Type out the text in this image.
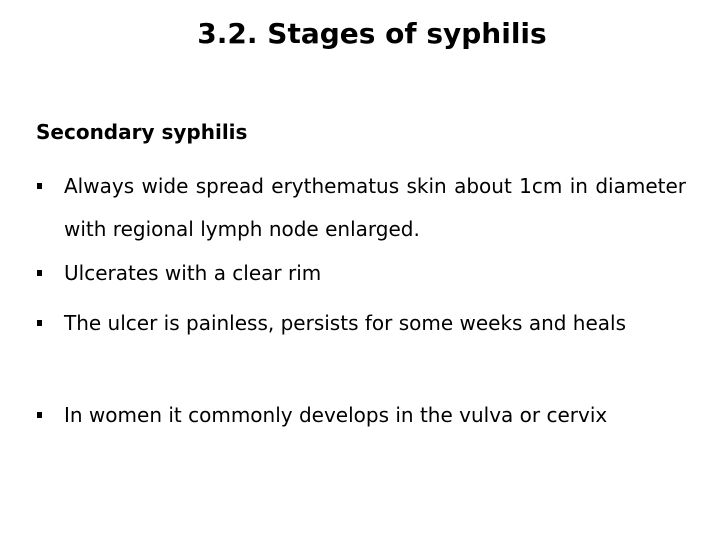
3.2. Stages of syphilis
Secondary syphilis
Always wide spread erythematus skin about 1cm in diameter with regional lymph node enlarged.
Ulcerates with a clear rim
The ulcer is painless, persists for some weeks and heals
In women it commonly develops in the vulva or cervix
